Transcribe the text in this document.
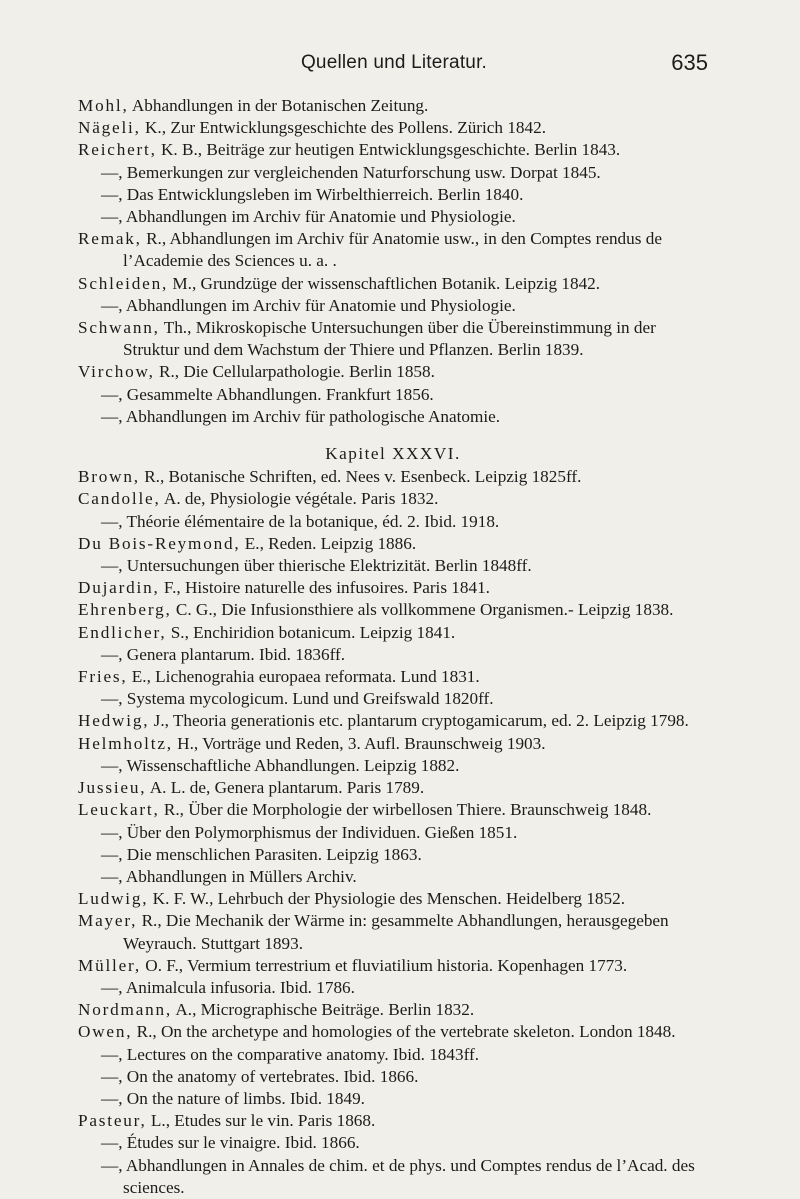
Quellen und Literatur.	635
Mohl, Abhandlungen in der Botanischen Zeitung.
Nägeli, K., Zur Entwicklungsgeschichte des Pollens. Zürich 1842.
Reichert, K. B., Beiträge zur heutigen Entwicklungsgeschichte. Berlin 1843.
—, Bemerkungen zur vergleichenden Naturforschung usw. Dorpat 1845.
—, Das Entwicklungsleben im Wirbelthierreich. Berlin 1840.
—, Abhandlungen im Archiv für Anatomie und Physiologie.
Remak, R., Abhandlungen im Archiv für Anatomie usw., in den Comptes rendus de l’Academie des Sciences u. a. .
Schleiden, M., Grundzüge der wissenschaftlichen Botanik. Leipzig 1842.
—, Abhandlungen im Archiv für Anatomie und Physiologie.
Schwann, Th., Mikroskopische Untersuchungen über die Übereinstimmung in der Struktur und dem Wachstum der Thiere und Pflanzen. Berlin 1839.
Virchow, R., Die Cellularpathologie. Berlin 1858.
—, Gesammelte Abhandlungen. Frankfurt 1856.
—, Abhandlungen im Archiv für pathologische Anatomie.
Kapitel XXXVI.
Brown, R., Botanische Schriften, ed. Nees v. Esenbeck. Leipzig 1825ff.
Candolle, A. de, Physiologie végétale. Paris 1832.
—, Théorie élémentaire de la botanique, éd. 2. Ibid. 1918.
Du Bois-Reymond, E., Reden. Leipzig 1886.
—, Untersuchungen über thierische Elektrizität. Berlin 1848ff.
Dujardin, F., Histoire naturelle des infusoires. Paris 1841.
Ehrenberg, C. G., Die Infusionsthiere als vollkommene Organismen.- Leipzig 1838.
Endlicher, S., Enchiridion botanicum. Leipzig 1841.
—, Genera plantarum. Ibid. 1836ff.
Fries, E., Lichenograhia europaea reformata. Lund 1831.
—, Systema mycologicum. Lund und Greifswald 1820ff.
Hedwig, J., Theoria generationis etc. plantarum cryptogamicarum, ed. 2. Leipzig 1798.
Helmholtz, H., Vorträge und Reden, 3. Aufl. Braunschweig 1903.
—, Wissenschaftliche Abhandlungen. Leipzig 1882.
Jussieu, A. L. de, Genera plantarum. Paris 1789.
Leuckart, R., Über die Morphologie der wirbellosen Thiere. Braunschweig 1848.
—, Über den Polymorphismus der Individuen. Gießen 1851.
—, Die menschlichen Parasiten. Leipzig 1863.
—, Abhandlungen in Müllers Archiv.
Ludwig, K. F. W., Lehrbuch der Physiologie des Menschen. Heidelberg 1852.
Mayer, R., Die Mechanik der Wärme in: gesammelte Abhandlungen, herausgegeben Weyrauch. Stuttgart 1893.
Müller, O. F., Vermium terrestrium et fluviatilium historia. Kopenhagen 1773.
—, Animalcula infusoria. Ibid. 1786.
Nordmann, A., Micrographische Beiträge. Berlin 1832.
Owen, R., On the archetype and homologies of the vertebrate skeleton. London 1848.
—, Lectures on the comparative anatomy. Ibid. 1843ff.
—, On the anatomy of vertebrates. Ibid. 1866.
—, On the nature of limbs. Ibid. 1849.
Pasteur, L., Etudes sur le vin. Paris 1868.
—, Études sur le vinaigre. Ibid. 1866.
—, Abhandlungen in Annales de chim. et de phys. und Comptes rendus de l’Acad. des sciences.
